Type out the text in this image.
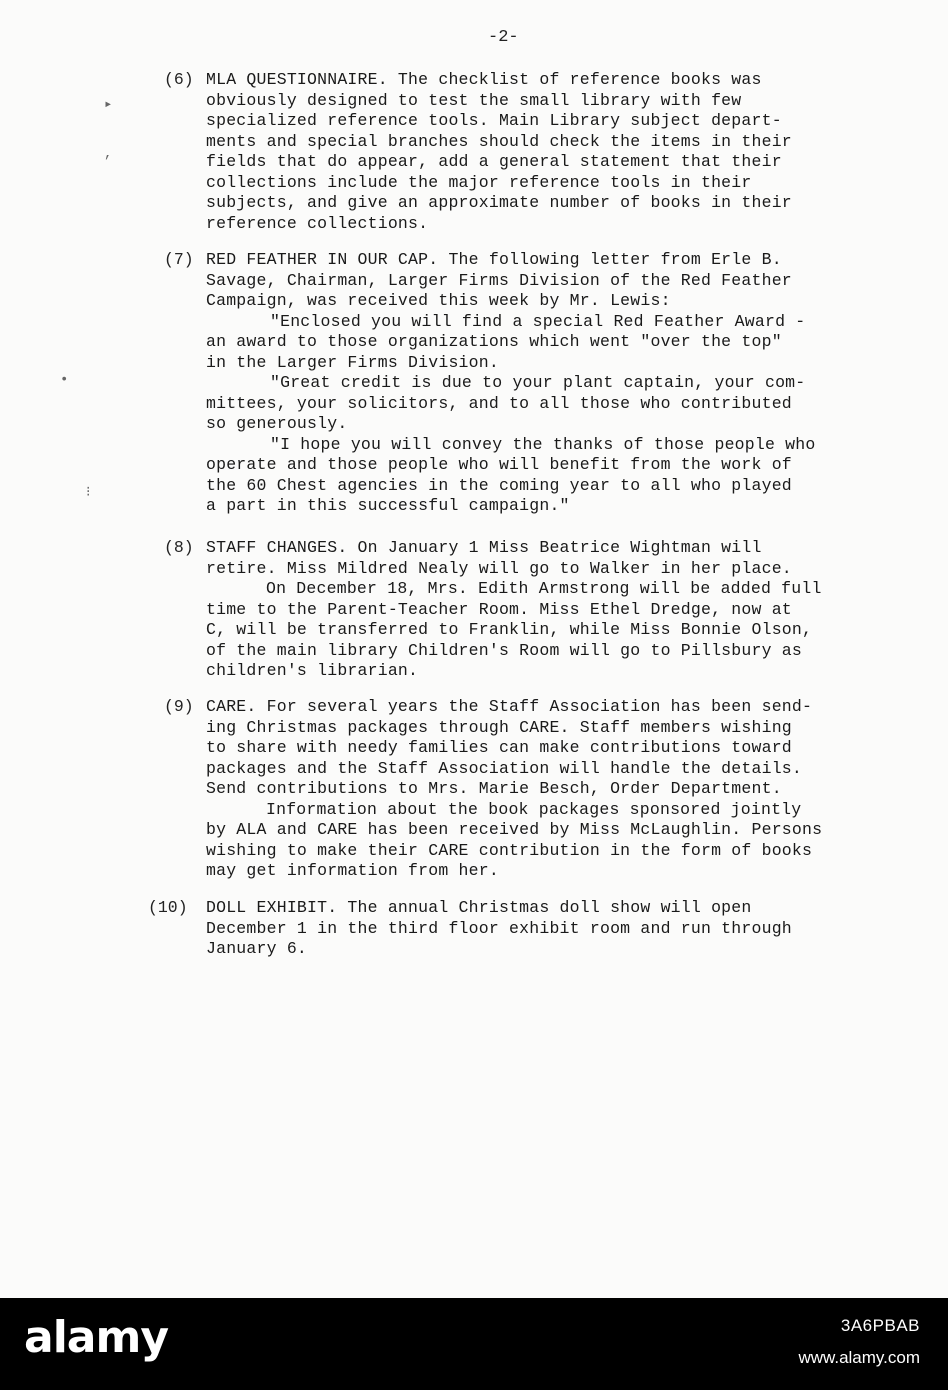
-2-
▸
,
•
⁝
(6) MLA QUESTIONNAIRE. The checklist of reference books was
obviously designed to test the small library with few
specialized reference tools. Main Library subject depart-
ments and special branches should check the items in their
fields that do appear, add a general statement that their
collections include the major reference tools in their
subjects, and give an approximate number of books in their
reference collections.
(7) RED FEATHER IN OUR CAP. The following letter from Erle B.
Savage, Chairman, Larger Firms Division of the Red Feather
Campaign, was received this week by Mr. Lewis:
"Enclosed you will find a special Red Feather Award -
an award to those organizations which went "over the top"
in the Larger Firms Division.
"Great credit is due to your plant captain, your com-
mittees, your solicitors, and to all those who contributed
so generously.
"I hope you will convey the thanks of those people who
operate and those people who will benefit from the work of
the 60 Chest agencies in the coming year to all who played
a part in this successful campaign."
(8) STAFF CHANGES. On January 1 Miss Beatrice Wightman will
retire. Miss Mildred Nealy will go to Walker in her place.
On December 18, Mrs. Edith Armstrong will be added full
time to the Parent-Teacher Room. Miss Ethel Dredge, now at
C, will be transferred to Franklin, while Miss Bonnie Olson,
of the main library Children's Room will go to Pillsbury as
children's librarian.
(9) CARE. For several years the Staff Association has been send-
ing Christmas packages through CARE. Staff members wishing
to share with needy families can make contributions toward
packages and the Staff Association will handle the details.
Send contributions to Mrs. Marie Besch, Order Department.
Information about the book packages sponsored jointly
by ALA and CARE has been received by Miss McLaughlin. Persons
wishing to make their CARE contribution in the form of books
may get information from her.
(10) DOLL EXHIBIT. The annual Christmas doll show will open
December 1 in the third floor exhibit room and run through
January 6.
alamy	3A6PBAB
www.alamy.com
